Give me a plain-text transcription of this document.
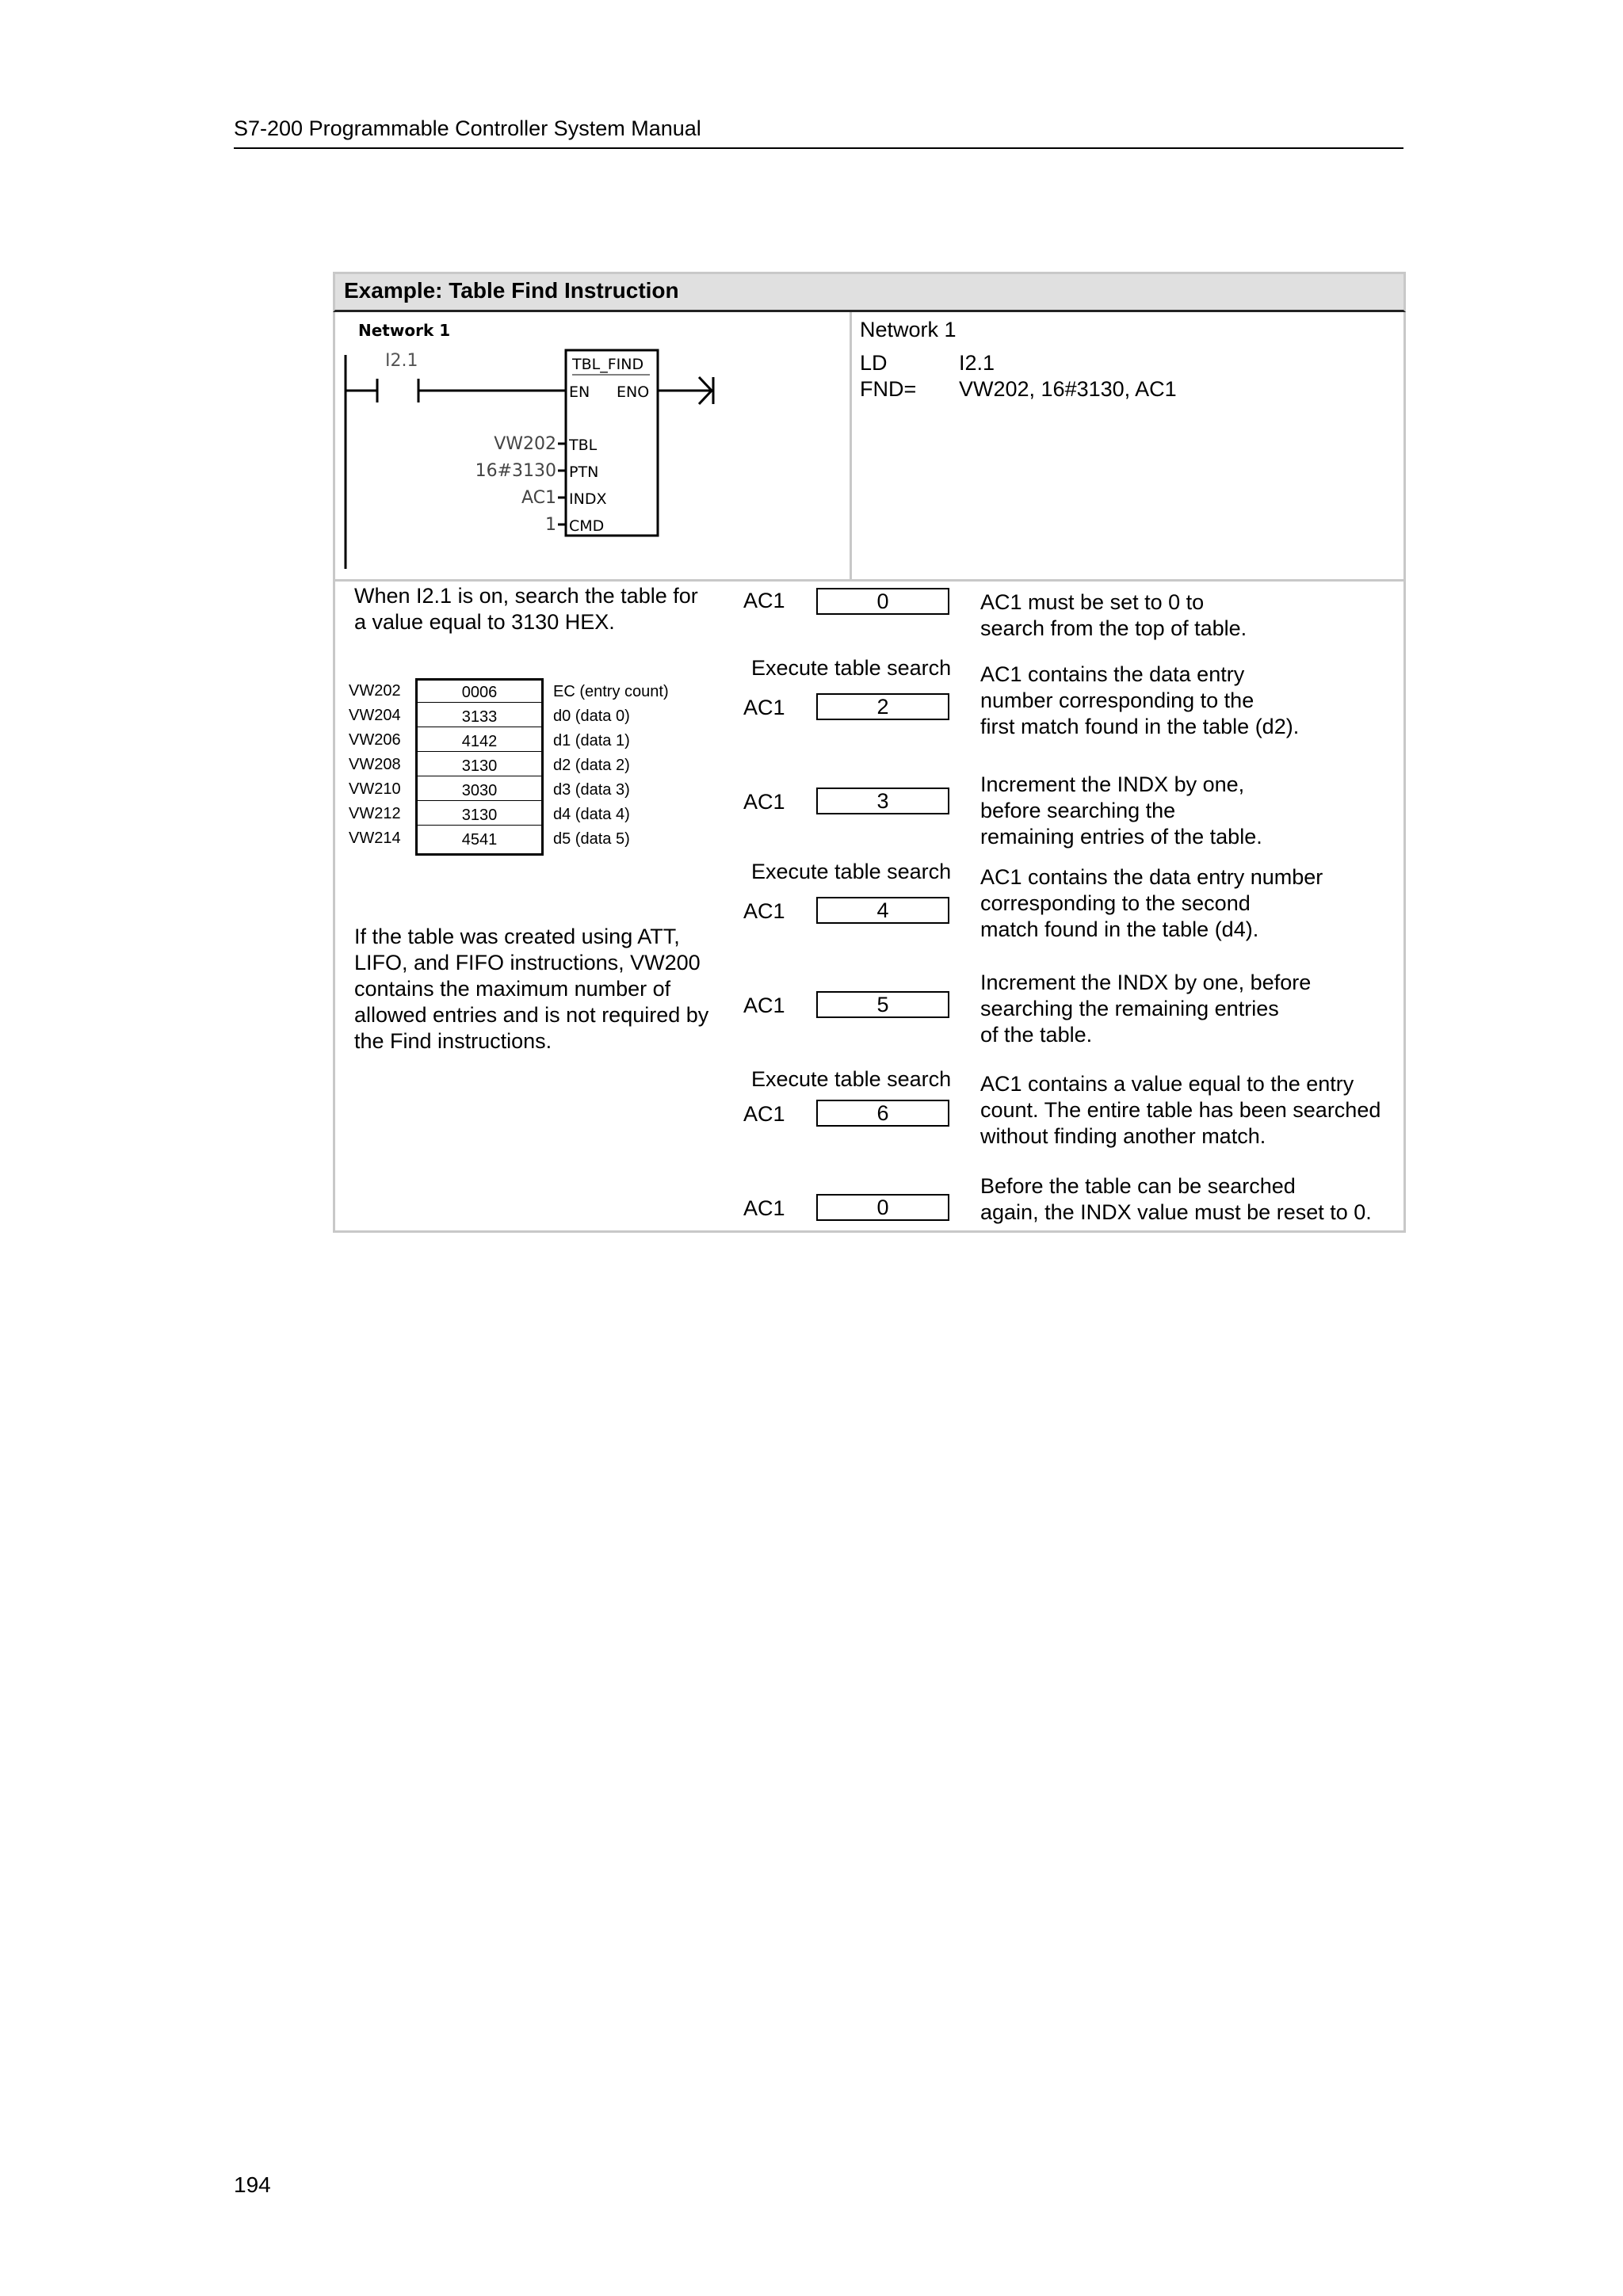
S7-200 Programmable Controller System Manual
Example: Table Find Instruction
Network 1
I2.1	TBL_FIND
EN ENO
VW202 TBL
16#3130 PTN
AC1 INDX
1 CMD
Network 1
LD	I2.1
FND= VW202, 16#3130, AC1
When I2.1 is on, search the table for
a value equal to 3130 HEX.
VW202	0006	EC (entry count)
VW204	3133	d0 (data 0)
VW206	4142	d1 (data 1)
VW208	3130	d2 (data 2)
VW210	3030	d3 (data 3)
VW212	3130	d4 (data 4)
VW214	4541	d5 (data 5)
If the table was created using ATT,
LIFO, and FIFO instructions, VW200
contains the maximum number of
allowed entries and is not required by
the Find instructions.
AC1	0	AC1 must be set to 0 to
search from the top of table.
Execute table search
AC1	2
AC1 contains the data entry
number corresponding to the
first match found in the table (d2).
AC1	3
Increment the INDX by one,
before searching the
remaining entries of the table.
Execute table search
AC1	4
AC1 contains the data entry number
corresponding to the second
match found in the table (d4).
AC1	5
Increment the INDX by one, before
searching the remaining entries
of the table.
Execute table search
AC1	6
AC1 contains a value equal to the entry
count. The entire table has been searched
without finding another match.
AC1	0
Before the table can be searched
again, the INDX value must be reset to 0.
194
